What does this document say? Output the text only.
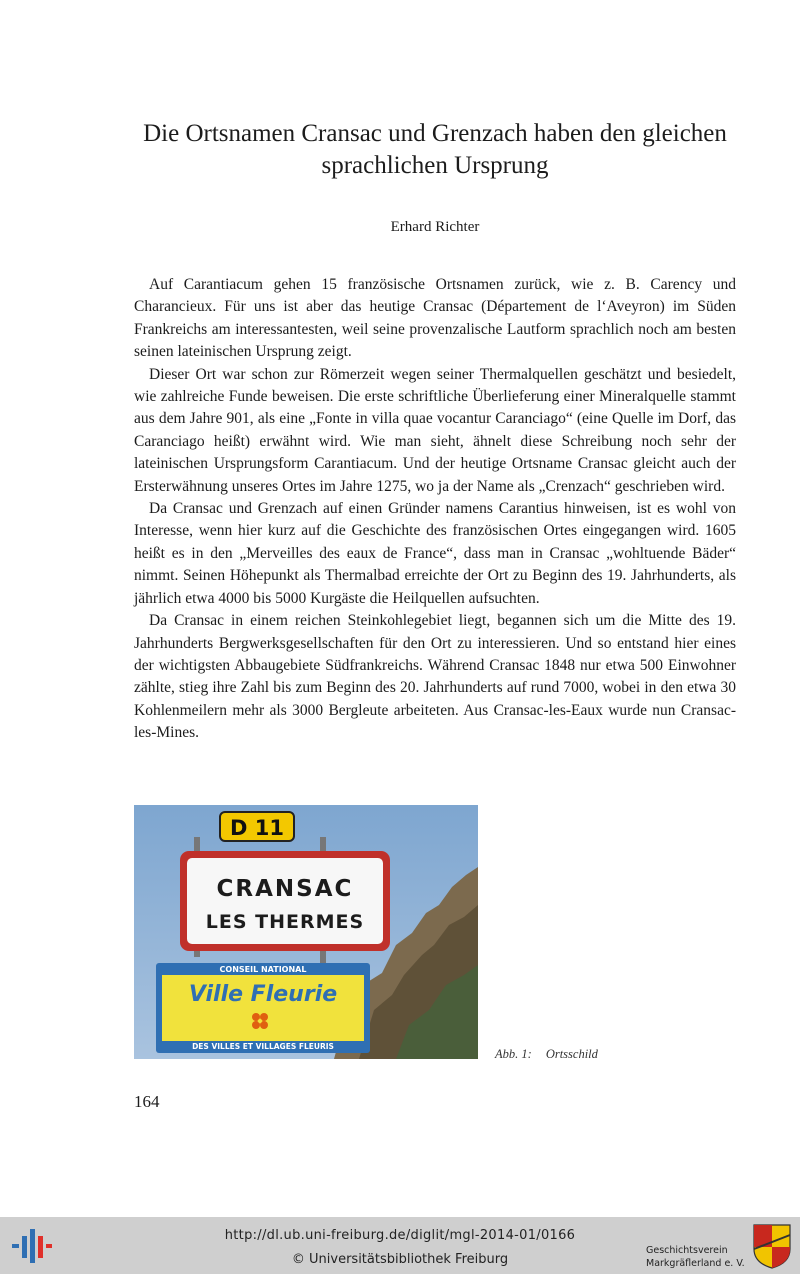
Die Ortsnamen Cransac und Grenzach haben den gleichen
sprachlichen Ursprung
Erhard Richter

Auf Carantiacum gehen 15 französische Ortsnamen zurück, wie z. B. Carency und Charancieux. Für uns ist aber das heutige Cransac (Département de l‘Aveyron) im Süden Frankreichs am interessantesten, weil seine provenzalische Lautform sprachlich noch am besten seinen lateinischen Ursprung zeigt.

Dieser Ort war schon zur Römerzeit wegen seiner Thermalquellen geschätzt und besiedelt, wie zahlreiche Funde beweisen. Die erste schriftliche Überlieferung einer Mineralquelle stammt aus dem Jahre 901, als eine „Fonte in villa quae vocantur Caranciago“ (eine Quelle im Dorf, das Caranciago heißt) erwähnt wird. Wie man sieht, ähnelt diese Schreibung noch sehr der lateinischen Ursprungsform Carantiacum. Und der heutige Ortsname Cransac gleicht auch der Ersterwähnung unseres Ortes im Jahre 1275, wo ja der Name als „Crenzach“ geschrieben wird.

Da Cransac und Grenzach auf einen Gründer namens Carantius hinweisen, ist es wohl von Interesse, wenn hier kurz auf die Geschichte des französischen Ortes eingegangen wird. 1605 heißt es in den „Merveilles des eaux de France“, dass man in Cransac „wohltuende Bäder“ nimmt. Seinen Höhepunkt als Thermalbad erreichte der Ort zu Beginn des 19. Jahrhunderts, als jährlich etwa 4000 bis 5000 Kurgäste die Heilquellen aufsuchten.

Da Cransac in einem reichen Steinkohlegebiet liegt, begannen sich um die Mitte des 19. Jahrhunderts Bergwerksgesellschaften für den Ort zu interessieren. Und so entstand hier eines der wichtigsten Abbaugebiete Südfrankreichs. Während Cransac 1848 nur etwa 500 Einwohner zählte, stieg ihre Zahl bis zum Beginn des 20. Jahrhunderts auf rund 7000, wobei in den etwa 30 Kohlenmeilern mehr als 3000 Bergleute arbeiteten. Aus Cransac-les-Eaux wurde nun Cransac-les-Mines.

D 11
CRANSAC
LES THERMES
CONSEIL NATIONAL
Ville Fleurie
DES VILLES ET VILLAGES FLEURIS
Abb. 1: Ortsschild
164
http://dl.ub.uni-freiburg.de/diglit/mgl-2014-01/0166
© Universitätsbibliothek Freiburg
Geschichtsverein
Markgräflerland e. V.
